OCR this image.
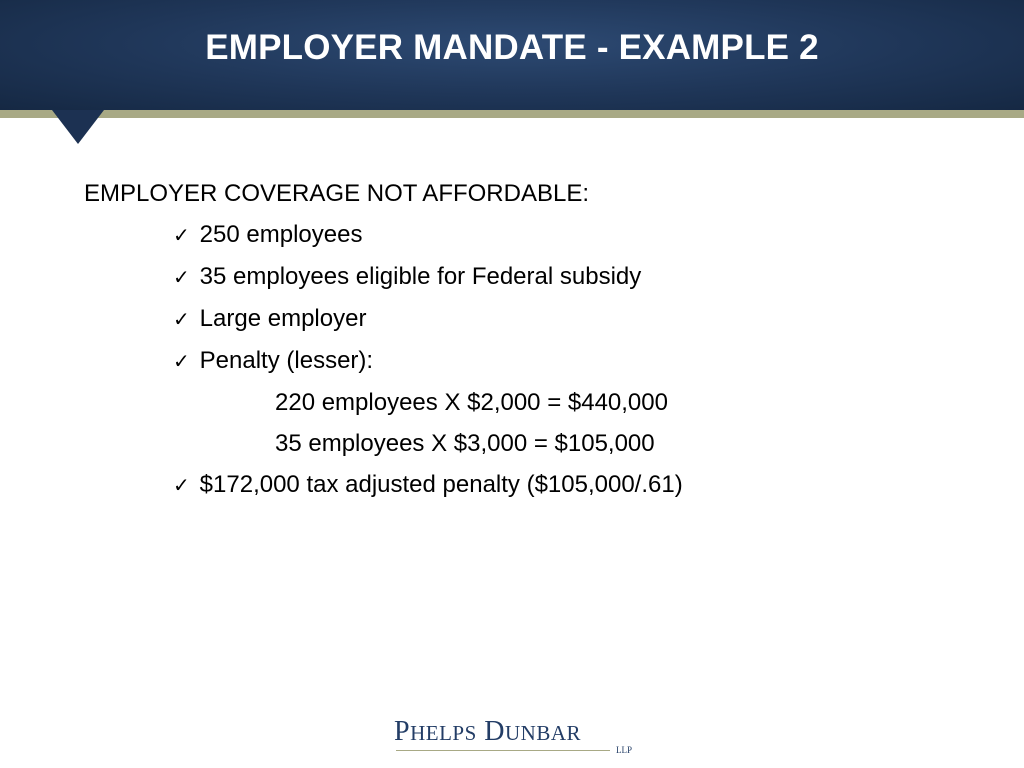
EMPLOYER MANDATE - EXAMPLE 2
EMPLOYER COVERAGE NOT AFFORDABLE:
✓ 250 employees
✓ 35 employees eligible for Federal subsidy
✓ Large employer
✓ Penalty (lesser):
220 employees X $2,000 = $440,000
35 employees X $3,000 = $105,000
✓ $172,000 tax adjusted penalty ($105,000/.61)
PHELPS DUNBAR
LLP
